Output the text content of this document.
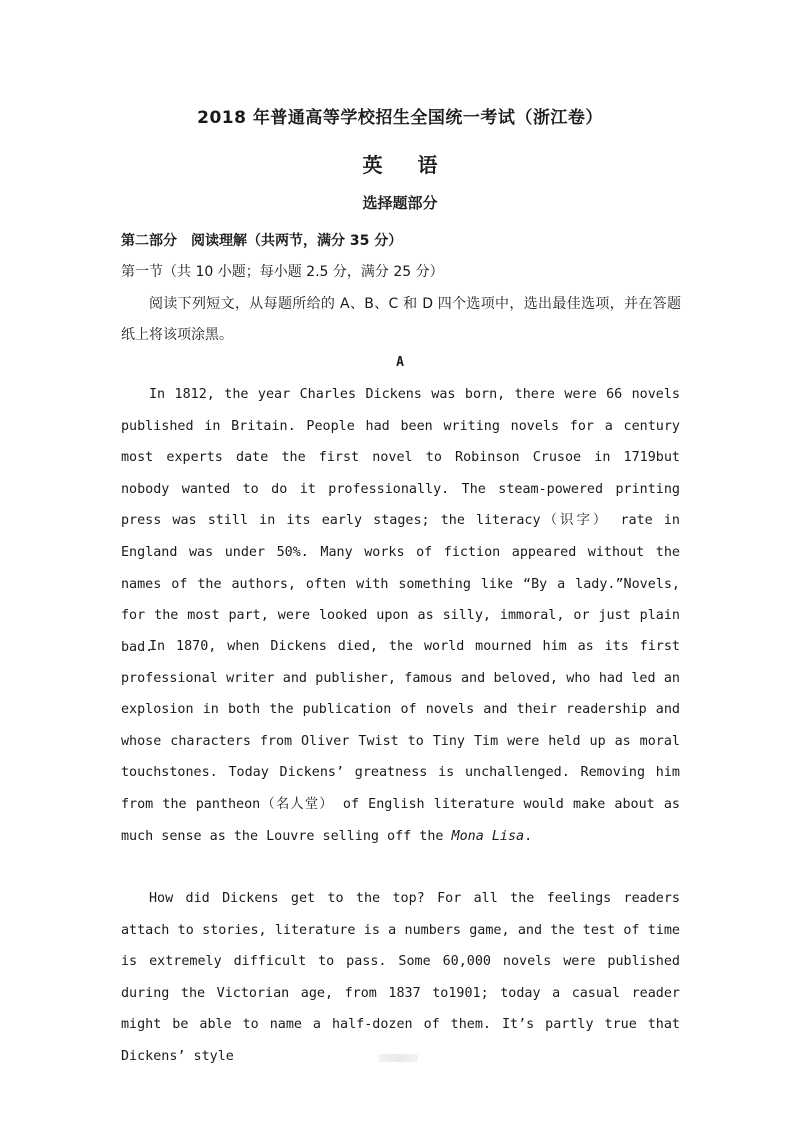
2018 年普通高等学校招生全国统一考试（浙江卷）
英 语
选择题部分
第二部分　阅读理解（共两节，满分 35 分）
第一节（共 10 小题；每小题 2.5 分，满分 25 分）
阅读下列短文，从每题所给的 A、B、C 和 D 四个选项中，选出最佳选项，并在答题纸上将该项涂黑。
A

In 1812, the year Charles Dickens was born, there were 66 novels published in Britain. People had been writing novels for a century most experts date the first novel to Robinson Crusoe in 1719but nobody wanted to do it professionally. The steam-powered printing press was still in its early stages; the literacy（识字） rate in England was under 50%. Many works of fiction appeared without the names of the authors, often with something like “By a lady.”Novels, for the most part, were looked upon as silly, immoral, or just plain bad.

In 1870, when Dickens died, the world mourned him as its first professional writer and publisher, famous and beloved, who had led an explosion in both the publication of novels and their readership and whose characters from Oliver Twist to Tiny Tim were held up as moral touchstones. Today Dickens’ greatness is unchallenged. Removing him from the pantheon（名人堂） of English literature would make about as much sense as the Louvre selling off the Mona Lisa.

How did Dickens get to the top? For all the feelings readers attach to stories, literature is a numbers game, and the test of time is extremely difficult to pass. Some 60,000 novels were published during the Victorian age, from 1837 to1901; today a casual reader might be able to name a half-dozen of them. It’s partly true that Dickens’ style
